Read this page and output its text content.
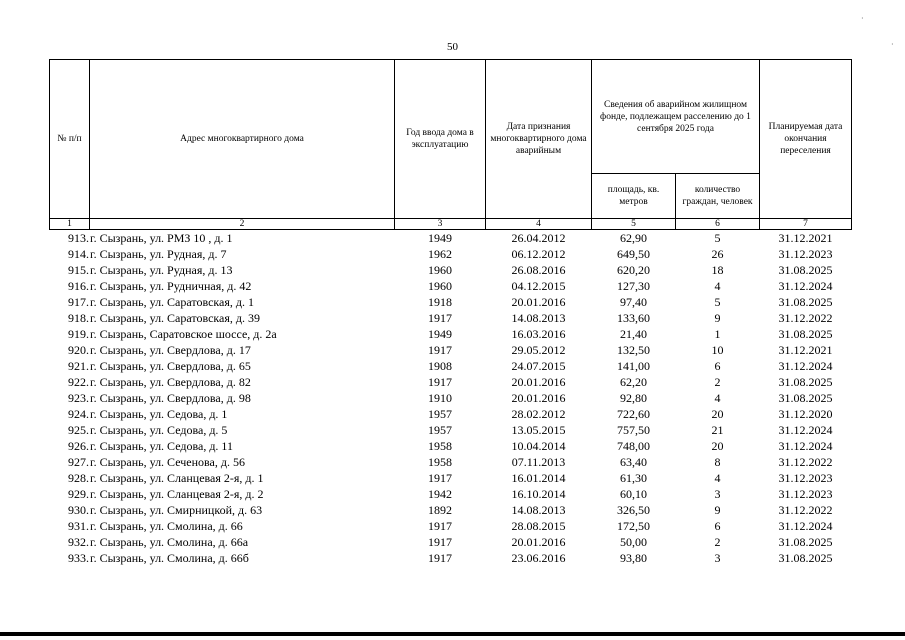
50
№ п/п	Адрес многоквартирного дома	Год ввода дома в эксплуатацию	Дата признания многоквартирного дома аварийным	Сведения об аварийном жилищном фонде, подлежащем расселению до 1 сентября 2025 года		Планируемая дата окончания переселения
				площадь, кв. метров	количество граждан, человек	
1	2	3	4	5	6	7
913.	г. Сызрань, ул. РМЗ 10 , д. 1	1949	26.04.2012	62,90	5	31.12.2021
914.	г. Сызрань, ул. Рудная, д. 7	1962	06.12.2012	649,50	26	31.12.2023
915.	г. Сызрань, ул. Рудная, д. 13	1960	26.08.2016	620,20	18	31.08.2025
916.	г. Сызрань, ул. Рудничная, д. 42	1960	04.12.2015	127,30	4	31.12.2024
917.	г. Сызрань, ул. Саратовская, д. 1	1918	20.01.2016	97,40	5	31.08.2025
918.	г. Сызрань, ул. Саратовская, д. 39	1917	14.08.2013	133,60	9	31.12.2022
919.	г. Сызрань, Саратовское шоссе, д. 2а	1949	16.03.2016	21,40	1	31.08.2025
920.	г. Сызрань, ул. Свердлова, д. 17	1917	29.05.2012	132,50	10	31.12.2021
921.	г. Сызрань, ул. Свердлова, д. 65	1908	24.07.2015	141,00	6	31.12.2024
922.	г. Сызрань, ул. Свердлова, д. 82	1917	20.01.2016	62,20	2	31.08.2025
923.	г. Сызрань, ул. Свердлова, д. 98	1910	20.01.2016	92,80	4	31.08.2025
924.	г. Сызрань, ул. Седова, д. 1	1957	28.02.2012	722,60	20	31.12.2020
925.	г. Сызрань, ул. Седова, д. 5	1957	13.05.2015	757,50	21	31.12.2024
926.	г. Сызрань, ул. Седова, д. 11	1958	10.04.2014	748,00	20	31.12.2024
927.	г. Сызрань, ул. Сеченова, д. 56	1958	07.11.2013	63,40	8	31.12.2022
928.	г. Сызрань, ул. Сланцевая 2-я, д. 1	1917	16.01.2014	61,30	4	31.12.2023
929.	г. Сызрань, ул. Сланцевая 2-я, д. 2	1942	16.10.2014	60,10	3	31.12.2023
930.	г. Сызрань, ул. Смирницкой, д. 63	1892	14.08.2013	326,50	9	31.12.2022
931.	г. Сызрань, ул. Смолина, д. 66	1917	28.08.2015	172,50	6	31.12.2024
932.	г. Сызрань, ул. Смолина, д. 66а	1917	20.01.2016	50,00	2	31.08.2025
933.	г. Сызрань, ул. Смолина, д. 66б	1917	23.06.2016	93,80	3	31.08.2025
·
·
